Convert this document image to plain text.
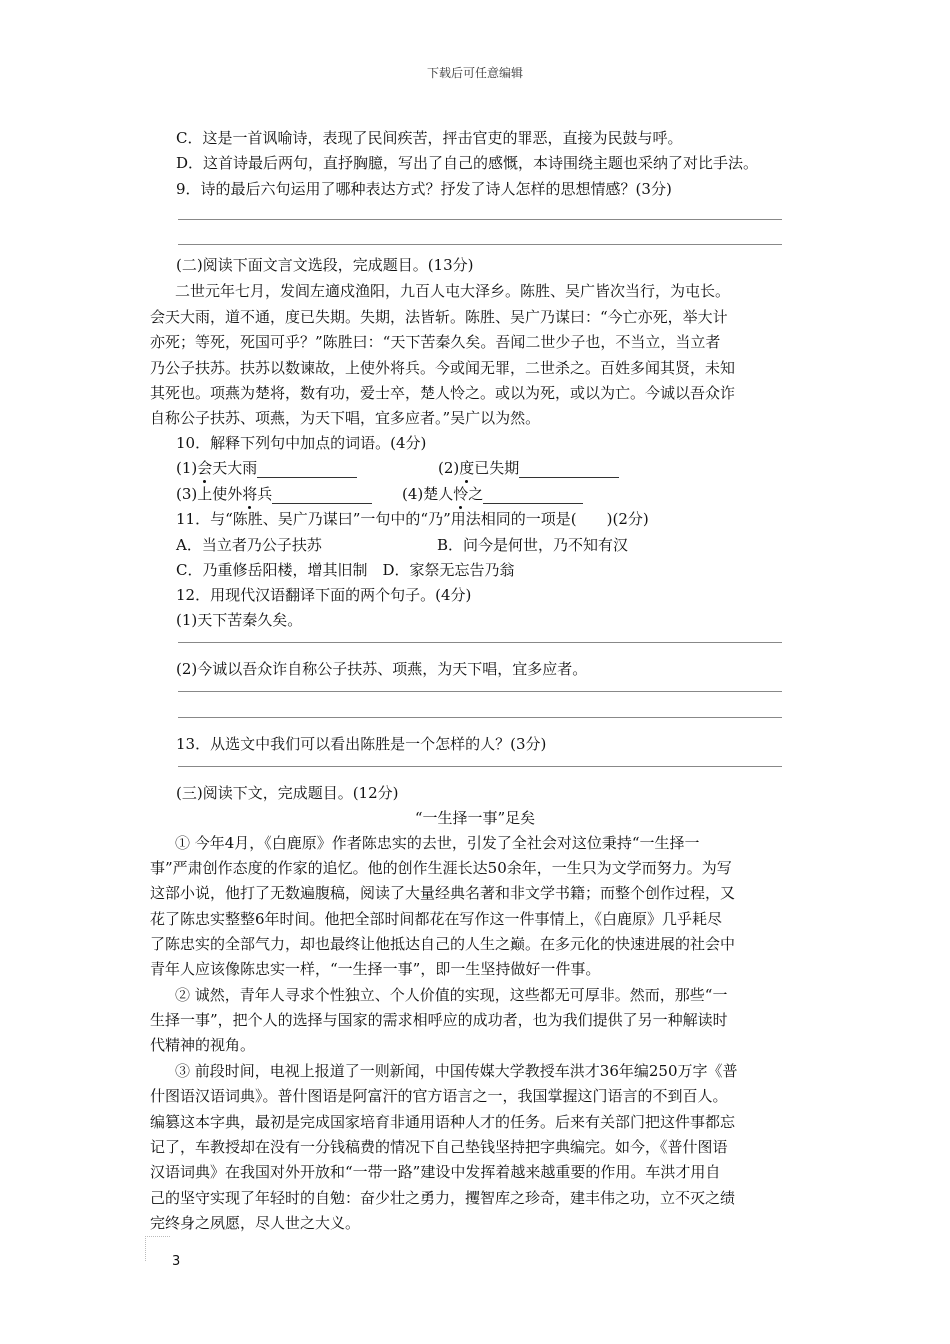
下载后可任意编辑
C．这是一首讽喻诗，表现了民间疾苦，抨击官吏的罪恶，直接为民鼓与呼。
D．这首诗最后两句，直抒胸臆，写出了自己的感慨，本诗围绕主题也采纳了对比手法。
9．诗的最后六句运用了哪种表达方式？抒发了诗人怎样的思想情感？(3分)
(二)阅读下面文言文选段，完成题目。(13分)
二世元年七月，发闾左適戍渔阳，九百人屯大泽乡。陈胜、吴广皆次当行，为屯长。
会天大雨，道不通，度已失期。失期，法皆斩。陈胜、吴广乃谋曰：“今亡亦死，举大计
亦死；等死，死国可乎？”陈胜曰：“天下苦秦久矣。吾闻二世少子也，不当立，当立者
乃公子扶苏。扶苏以数谏故，上使外将兵。今或闻无罪，二世杀之。百姓多闻其贤，未知
其死也。项燕为楚将，数有功，爱士卒，楚人怜之。或以为死，或以为亡。今诚以吾众诈
自称公子扶苏、项燕，为天下唱，宜多应者。”吴广以为然。
10．解释下列句中加点的词语。(4分)
(1)会天大雨	(2)度已失期
(3)上使外将兵	(4)楚人怜之
11．与“陈胜、吴广乃谋曰”一句中的“乃”用法相同的一项是(　　)(2分)
A．当立者乃公子扶苏	B．问今是何世，乃不知有汉
C．乃重修岳阳楼，增其旧制　D．家祭无忘告乃翁
12．用现代汉语翻译下面的两个句子。(4分)
(1)天下苦秦久矣。
(2)今诚以吾众诈自称公子扶苏、项燕，为天下唱，宜多应者。
13．从选文中我们可以看出陈胜是一个怎样的人？(3分)
(三)阅读下文，完成题目。(12分)
“一生择一事”足矣
① 今年4月，《白鹿原》作者陈忠实的去世，引发了全社会对这位秉持“一生择一
事”严肃创作态度的作家的追忆。他的创作生涯长达50余年，一生只为文学而努力。为写
这部小说，他打了无数遍腹稿，阅读了大量经典名著和非文学书籍；而整个创作过程，又
花了陈忠实整整6年时间。他把全部时间都花在写作这一件事情上，《白鹿原》几乎耗尽
了陈忠实的全部气力，却也最终让他抵达自己的人生之巅。在多元化的快速进展的社会中
青年人应该像陈忠实一样，“一生择一事”，即一生坚持做好一件事。
② 诚然，青年人寻求个性独立、个人价值的实现，这些都无可厚非。然而，那些“一
生择一事”，把个人的选择与国家的需求相呼应的成功者，也为我们提供了另一种解读时
代精神的视角。
③ 前段时间，电视上报道了一则新闻，中国传媒大学教授车洪才36年编250万字《普
什图语汉语词典》。普什图语是阿富汗的官方语言之一，我国掌握这门语言的不到百人。
编篡这本字典，最初是完成国家培育非通用语种人才的任务。后来有关部门把这件事都忘
记了，车教授却在没有一分钱稿费的情况下自己垫钱坚持把字典编完。如今，《普什图语
汉语词典》在我国对外开放和“一带一路”建设中发挥着越来越重要的作用。车洪才用自
己的坚守实现了年轻时的自勉：奋少壮之勇力，攫智库之珍奇，建丰伟之功，立不灭之绩
完终身之夙愿，尽人世之大义。
3
